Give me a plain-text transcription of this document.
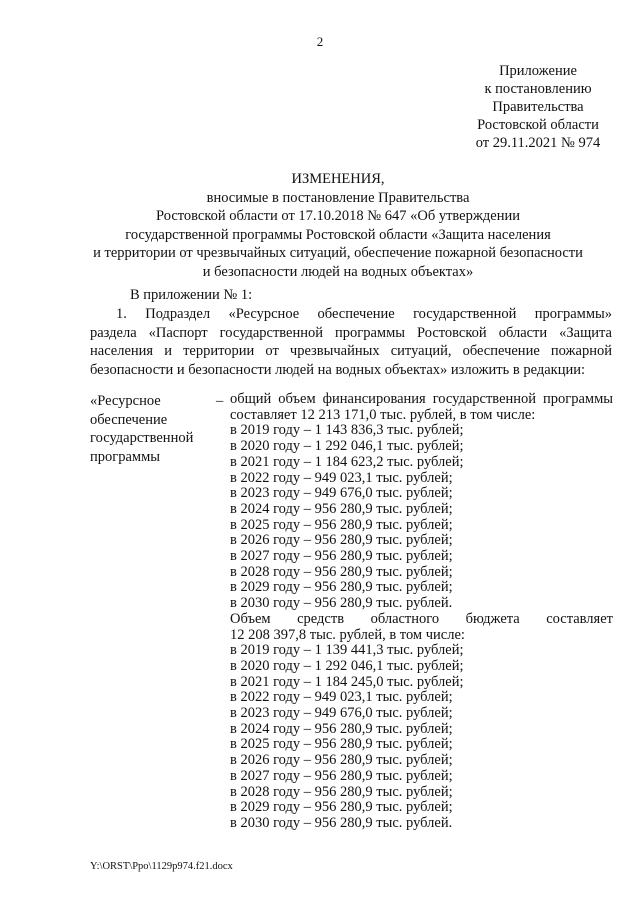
2
Приложение
к постановлению
Правительства
Ростовской области
от 29.11.2021 № 974
ИЗМЕНЕНИЯ,
вносимые в постановление Правительства
Ростовской области от 17.10.2018 № 647 «Об утверждении
государственной программы Ростовской области «Защита населения
и территории от чрезвычайных ситуаций, обеспечение пожарной безопасности
и безопасности людей на водных объектах»
В приложении № 1:
1. Подраздел «Ресурсное обеспечение государственной программы»
раздела «Паспорт государственной программы Ростовской области «Защита
населения и территории от чрезвычайных ситуаций, обеспечение пожарной
безопасности и безопасности людей на водных объектах» изложить в редакции:
«Ресурсное
обеспечение
государственной
программы
– общий объем финансирования государственной программы
составляет 12 213 171,0 тыс. рублей, в том числе:
в 2019 году – 1 143 836,3 тыс. рублей;
в 2020 году – 1 292 046,1 тыс. рублей;
в 2021 году – 1 184 623,2 тыс. рублей;
в 2022 году – 949 023,1 тыс. рублей;
в 2023 году – 949 676,0 тыс. рублей;
в 2024 году – 956 280,9 тыс. рублей;
в 2025 году – 956 280,9 тыс. рублей;
в 2026 году – 956 280,9 тыс. рублей;
в 2027 году – 956 280,9 тыс. рублей;
в 2028 году – 956 280,9 тыс. рублей;
в 2029 году – 956 280,9 тыс. рублей;
в 2030 году – 956 280,9 тыс. рублей.
Объем средств областного бюджета составляет
12 208 397,8 тыс. рублей, в том числе:
в 2019 году – 1 139 441,3 тыс. рублей;
в 2020 году – 1 292 046,1 тыс. рублей;
в 2021 году – 1 184 245,0 тыс. рублей;
в 2022 году – 949 023,1 тыс. рублей;
в 2023 году – 949 676,0 тыс. рублей;
в 2024 году – 956 280,9 тыс. рублей;
в 2025 году – 956 280,9 тыс. рублей;
в 2026 году – 956 280,9 тыс. рублей;
в 2027 году – 956 280,9 тыс. рублей;
в 2028 году – 956 280,9 тыс. рублей;
в 2029 году – 956 280,9 тыс. рублей;
в 2030 году – 956 280,9 тыс. рублей.
Y:\ORST\Ppo\1129p974.f21.docx
